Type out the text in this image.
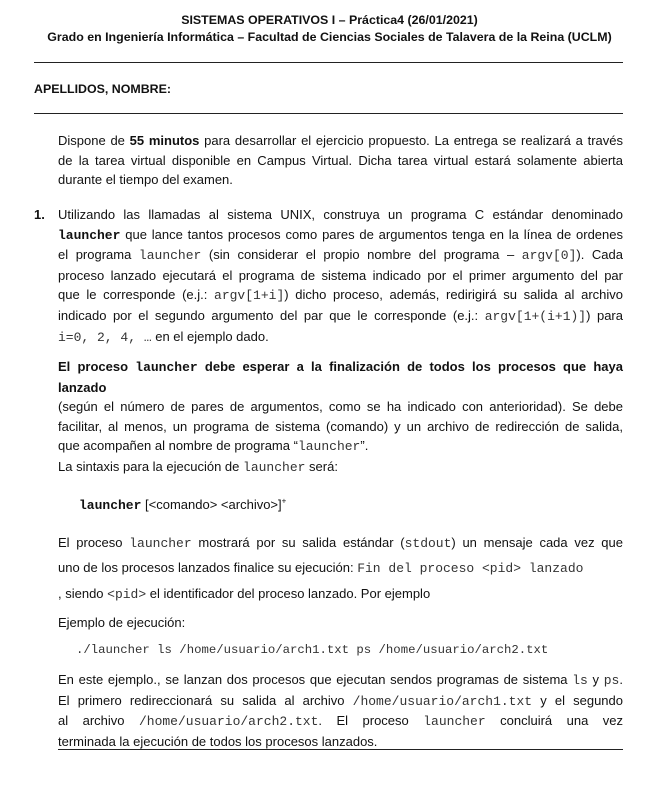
SISTEMAS OPERATIVOS I – Práctica4 (26/01/2021)
Grado en Ingeniería Informática – Facultad de Ciencias Sociales de Talavera de la Reina (UCLM)
APELLIDOS, NOMBRE:
Dispone de 55 minutos para desarrollar el ejercicio propuesto. La entrega se realizará a través
de la tarea virtual disponible en Campus Virtual. Dicha tarea virtual estará solamente abierta
durante el tiempo del examen.
1. Utilizando las llamadas al sistema UNIX, construya un programa C estándar denominado
launcher que lance tantos procesos como pares de argumentos tenga en la línea de ordenes
el programa launcher (sin considerar el propio nombre del programa – argv[0]). Cada
proceso lanzado ejecutará el programa de sistema indicado por el primer argumento del par
que le corresponde (e.j.: argv[1+i]) dicho proceso, además, redirigirá su salida al archivo
indicado por el segundo argumento del par que le corresponde (e.j.: argv[1+(i+1)]) para
i=0, 2, 4, … en el ejemplo dado.
El proceso launcher debe esperar a la finalización de todos los procesos que haya lanzado
(según el número de pares de argumentos, como se ha indicado con anterioridad). Se debe
facilitar, al menos, un programa de sistema (comando) y un archivo de redirección de salida,
que acompañen al nombre de programa “launcher”.
La sintaxis para la ejecución de launcher será:
launcher [<comando> <archivo>]+
El proceso launcher mostrará por su salida estándar (stdout) un mensaje cada vez que
uno de los procesos lanzados finalice su ejecución: Fin del proceso <pid> lanzado
, siendo <pid> el identificador del proceso lanzado. Por ejemplo
Ejemplo de ejecución:
./launcher ls /home/usuario/arch1.txt ps /home/usuario/arch2.txt
En este ejemplo., se lanzan dos procesos que ejecutan sendos programas de sistema ls y ps.
El primero redireccionará su salida al archivo /home/usuario/arch1.txt y el segundo
al archivo /home/usuario/arch2.txt. El proceso launcher concluirá una vez
terminada la ejecución de todos los procesos lanzados.
